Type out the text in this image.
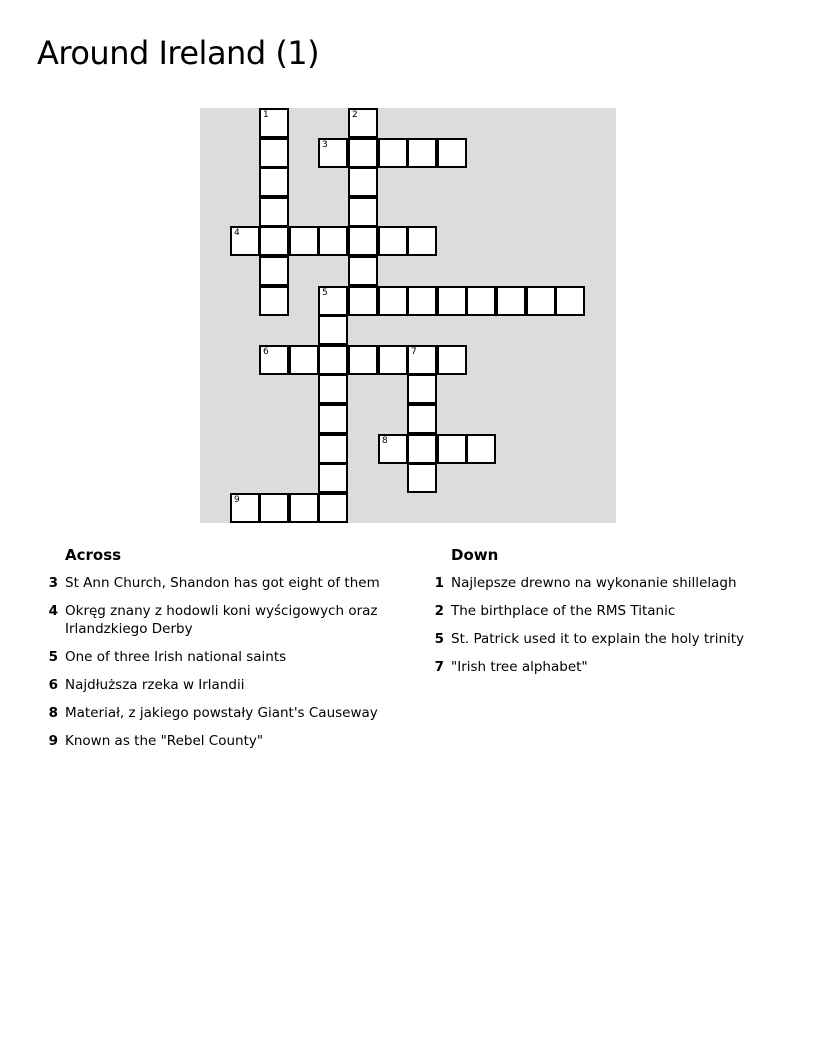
Around Ireland (1)
1	2
3
4
5
6	7
8
9
Across
3 St Ann Church, Shandon has got eight of them
4 Okręg znany z hodowli koni wyścigowych oraz Irlandzkiego Derby
5 One of three Irish national saints
6 Najdłuższa rzeka w Irlandii
8 Materiał, z jakiego powstały Giant's Causeway
9 Known as the "Rebel County"
Down
1 Najlepsze drewno na wykonanie shillelagh
2 The birthplace of the RMS Titanic
5 St. Patrick used it to explain the holy trinity
7 "Irish tree alphabet"
